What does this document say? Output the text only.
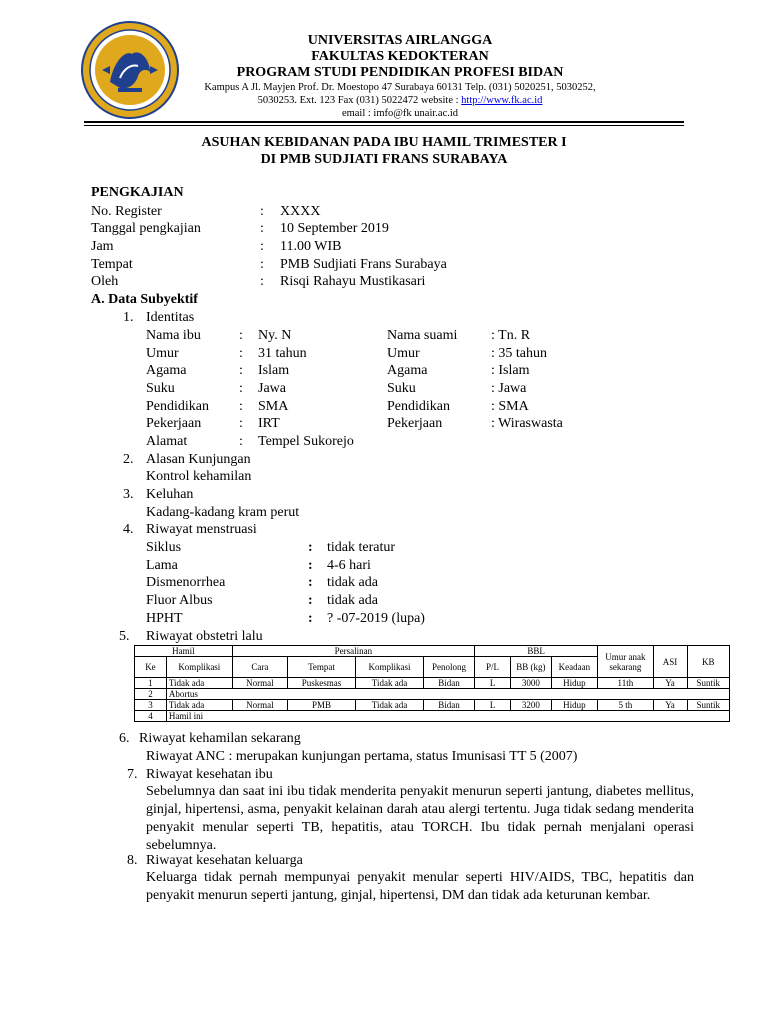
UNIVERSITAS AIRLANGGA
FAKULTAS KEDOKTERAN
PROGRAM STUDI PENDIDIKAN PROFESI BIDAN
Kampus A Jl. Mayjen Prof. Dr. Moestopo 47 Surabaya 60131 Telp. (031) 5020251, 5030252,
5030253. Ext. 123 Fax (031) 5022472 website : http://www.fk.ac.id
email : imfo@fk unair.ac.id
ASUHAN KEBIDANAN PADA IBU HAMIL TRIMESTER I
DI PMB SUDJIATI FRANS SURABAYA
PENGKAJIAN
No. Register	: XXXX
Tanggal pengkajian	: 10 September 2019
Jam	: 11.00 WIB
Tempat	: PMB Sudjiati Frans Surabaya
Oleh	: Risqi Rahayu Mustikasari
A. Data Subyektif
1. Identitas
Nama ibu	: Ny. N	Nama suami : Tn. R
Umur	: 31 tahun	Umur	: 35 tahun
Agama	: Islam	Agama	: Islam
Suku	: Jawa	Suku	: Jawa
Pendidikan : SMA	Pendidikan	: SMA
Pekerjaan	: IRT	Pekerjaan	: Wiraswasta
Alamat	: Tempel Sukorejo
2. Alasan Kunjungan
Kontrol kehamilan
3. Keluhan
Kadang-kadang kram perut
4. Riwayat menstruasi
Siklus	: tidak teratur
Lama	: 4-6 hari
Dismenorrhea	: tidak ada
Fluor Albus	: tidak ada
HPHT	: ? -07-2019 (lupa)
5. Riwayat obstetri lalu
Hamil		Persalinan				BBL			Umur anak sekarang	ASI	KB
Ke	Komplikasi	Cara	Tempat	Komplikasi	Penolong	P/L	BB (kg)	Keadaan			
1	Tidak ada	Normal	Puskesmas	Tidak ada	Bidan	L	3000	Hidup	11th	Ya	Suntik
2	Abortus										
3	Tidak ada	Normal	PMB	Tidak ada	Bidan	L	3200	Hidup	5 th	Ya	Suntik
4	Hamil ini										
6. Riwayat kehamilan sekarang
Riwayat ANC : merupakan kunjungan pertama, status Imunisasi TT 5 (2007)
7. Riwayat kesehatan ibu
Sebelumnya dan saat ini ibu tidak menderita penyakit menurun seperti jantung, diabetes mellitus, ginjal, hipertensi, asma, penyakit kelainan darah atau alergi tertentu. Juga tidak sedang menderita penyakit menular seperti TB, hepatitis, atau TORCH. Ibu tidak pernah menjalani operasi sebelumnya.
8. Riwayat kesehatan keluarga
Keluarga tidak pernah mempunyai penyakit menular seperti HIV/AIDS, TBC, hepatitis dan penyakit menurun seperti jantung, ginjal, hipertensi, DM dan tidak ada keturunan kembar.
